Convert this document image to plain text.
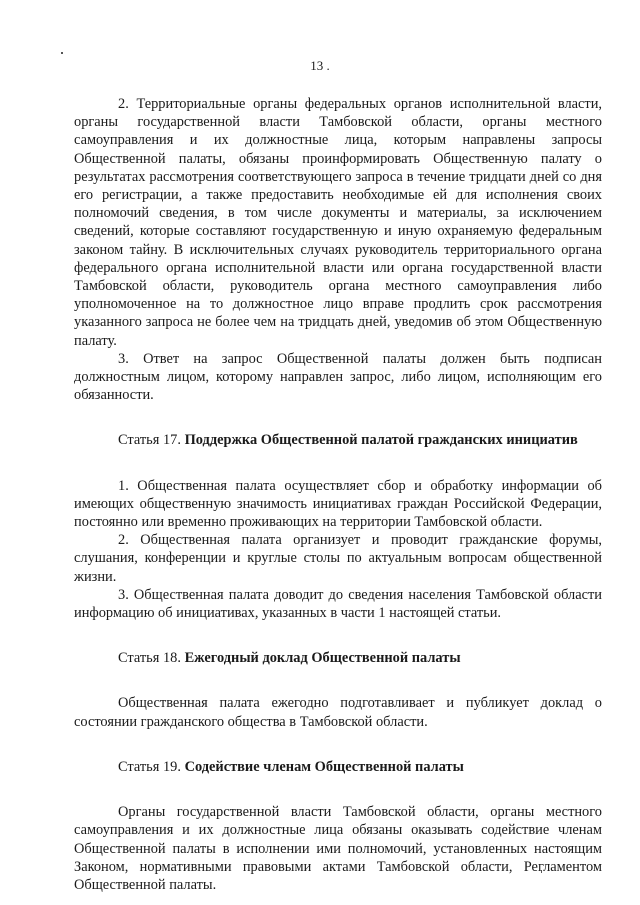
13 .

2. Территориальные органы федеральных органов исполнительной власти, органы государственной власти Тамбовской области, органы местного самоуправления и их должностные лица, которым направлены запросы Общественной палаты, обязаны проинформировать Общественную палату о результатах рассмотрения соответствующего запроса в течение тридцати дней со дня его регистрации, а также предоставить необходимые ей для исполнения своих полномочий сведения, в том числе документы и материалы, за исключением сведений, которые составляют государственную и иную охраняемую федеральным законом тайну. В исключительных случаях руководитель территориального органа федерального органа исполнительной власти или органа государственной власти Тамбовской области, руководитель органа местного самоуправления либо уполномоченное на то должностное лицо вправе продлить срок рассмотрения указанного запроса не более чем на тридцать дней, уведомив об этом Общественную палату.

3. Ответ на запрос Общественной палаты должен быть подписан должностным лицом, которому направлен запрос, либо лицом, исполняющим его обязанности.

Статья 17. Поддержка Общественной палатой гражданских инициатив

1. Общественная палата осуществляет сбор и обработку информации об имеющих общественную значимость инициативах граждан Российской Федерации, постоянно или временно проживающих на территории Тамбовской области.

2. Общественная палата организует и проводит гражданские форумы, слушания, конференции и круглые столы по актуальным вопросам общественной жизни.

3. Общественная палата доводит до сведения населения Тамбовской области информацию об инициативах, указанных в части 1 настоящей статьи.

Статья 18. Ежегодный доклад Общественной палаты

Общественная палата ежегодно подготавливает и публикует доклад о состоянии гражданского общества в Тамбовской области.

Статья 19. Содействие членам Общественной палаты

Органы государственной власти Тамбовской области, органы местного самоуправления и их должностные лица обязаны оказывать содействие членам Общественной палаты в исполнении ими полномочий, установленных настоящим Законом, нормативными правовыми актами Тамбовской области, Регламентом Общественной палаты.
